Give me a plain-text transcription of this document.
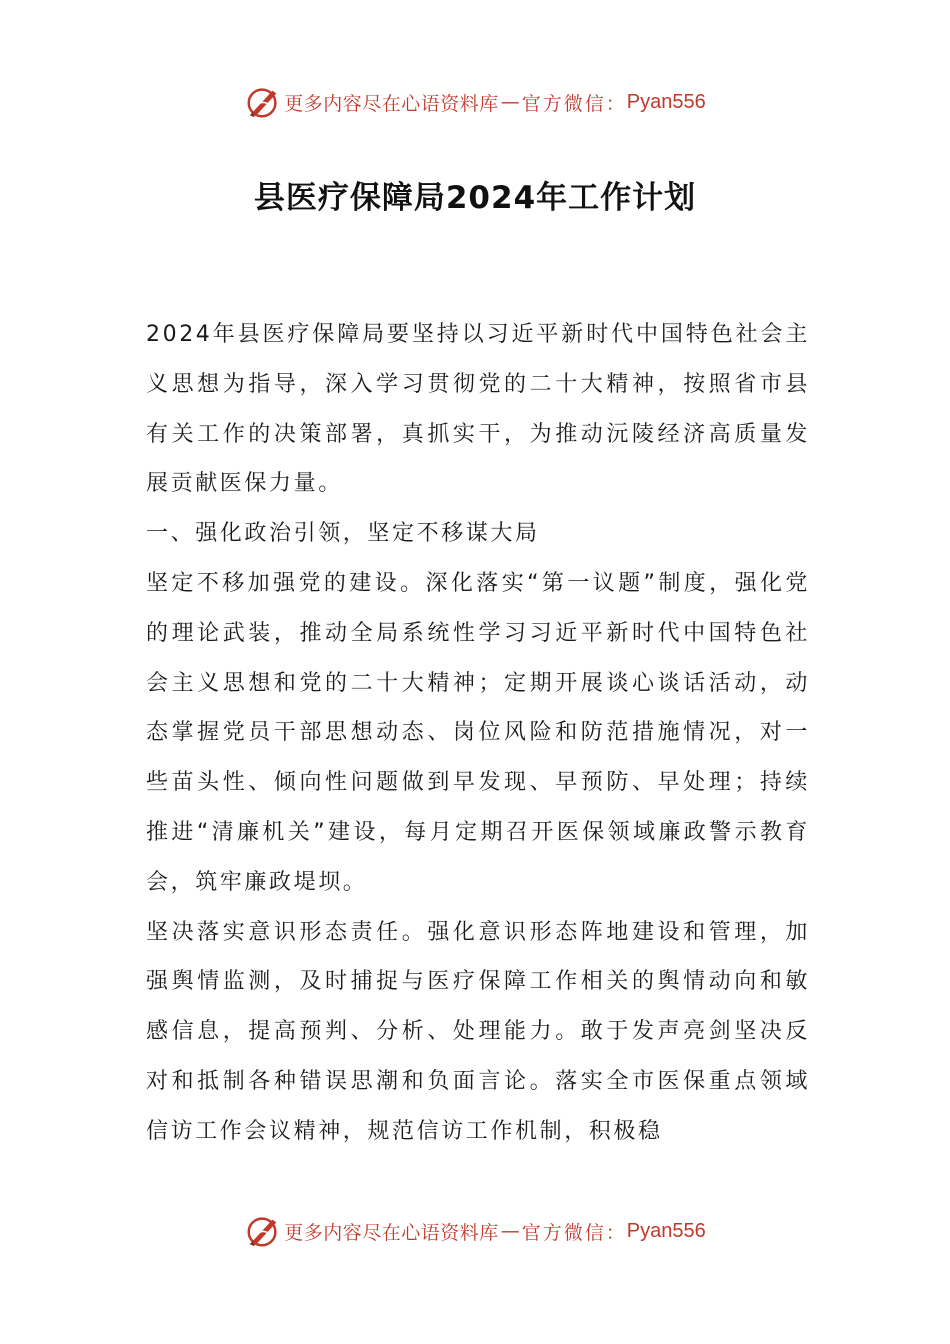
更多内容尽在心语资料库 — 官方微信： Pyan556
县医疗保障局2024年工作计划

2024年县医疗保障局要坚持以习近平新时代中国特色社会主义思想为指导，深入学习贯彻党的二十大精神，按照省市县有关工作的决策部署，真抓实干，为推动沅陵经济高质量发展贡献医保力量。

一、强化政治引领，坚定不移谋大局

坚定不移加强党的建设。深化落实“第一议题”制度，强化党的理论武装，推动全局系统性学习习近平新时代中国特色社会主义思想和党的二十大精神；定期开展谈心谈话活动，动态掌握党员干部思想动态、岗位风险和防范措施情况，对一些苗头性、倾向性问题做到早发现、早预防、早处理；持续推进“清廉机关”建设，每月定期召开医保领域廉政警示教育会，筑牢廉政堤坝。

坚决落实意识形态责任。强化意识形态阵地建设和管理，加强舆情监测，及时捕捉与医疗保障工作相关的舆情动向和敏感信息，提高预判、分析、处理能力。敢于发声亮剑坚决反对和抵制各种错误思潮和负面言论。落实全市医保重点领域信访工作会议精神，规范信访工作机制，积极稳

更多内容尽在心语资料库 — 官方微信： Pyan556
